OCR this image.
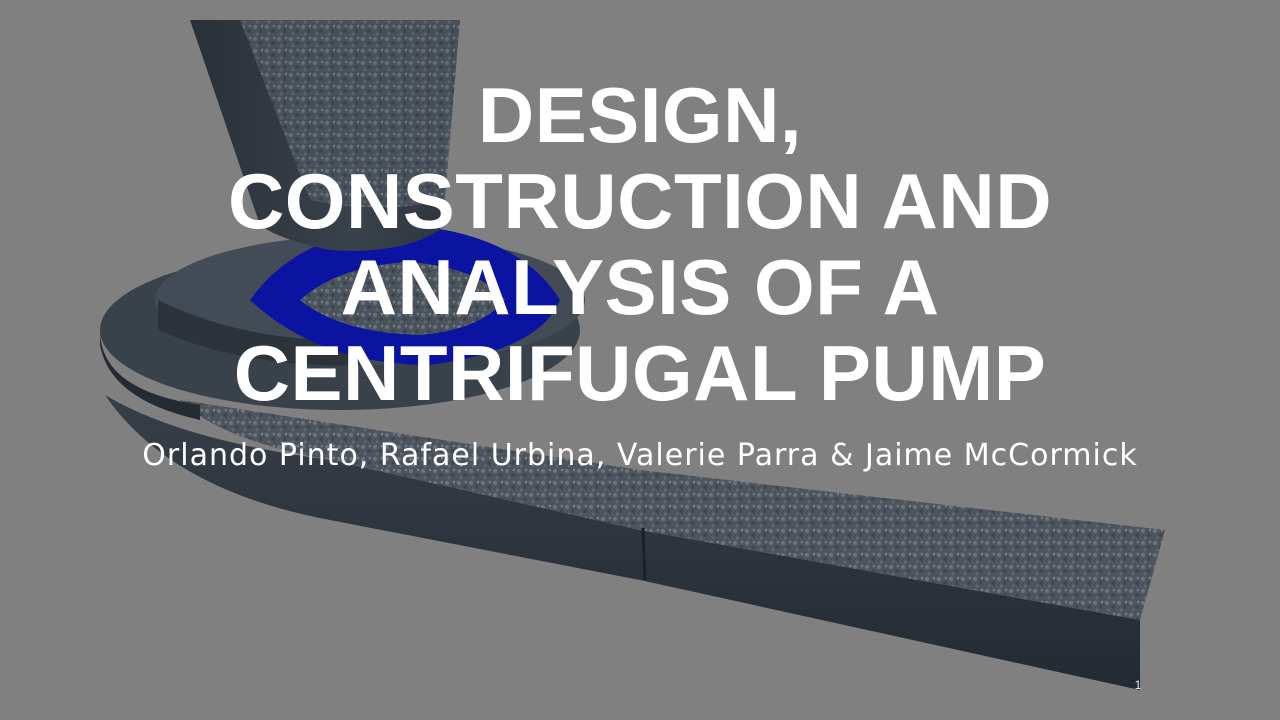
DESIGN,
CONSTRUCTION AND
ANALYSIS OF A
CENTRIFUGAL PUMP
Orlando Pinto, Rafael Urbina, Valerie Parra & Jaime McCormick
1
